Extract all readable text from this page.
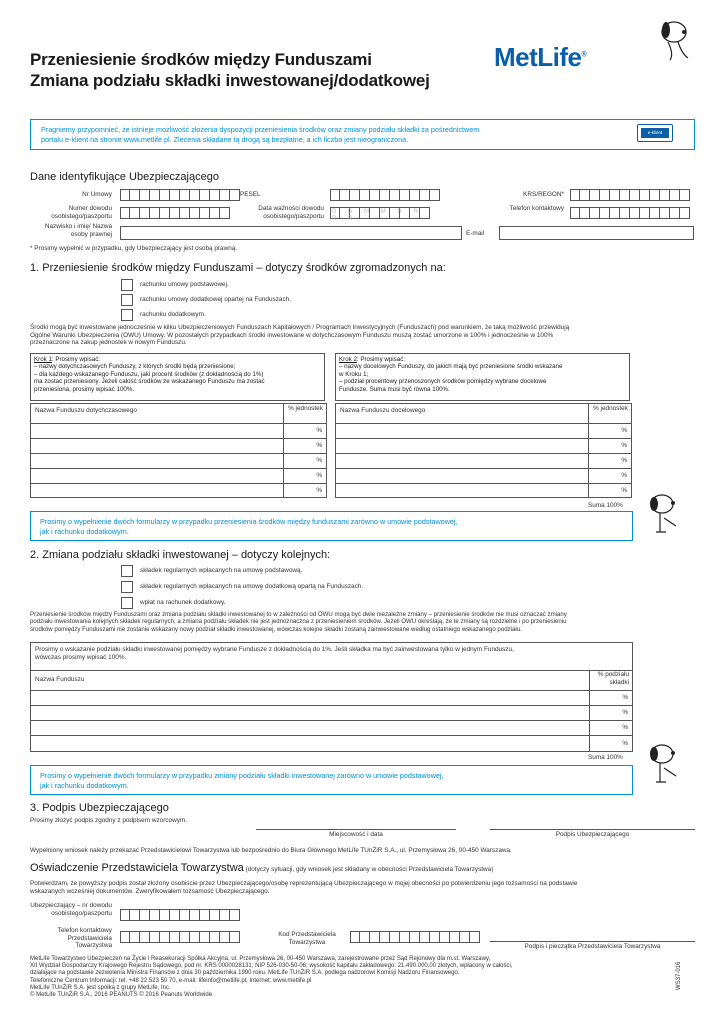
Przeniesienie środków między Funduszami
Zmiana podziału składki inwestowanej/dodatkowej
MetLife®
Pragniemy przypomnieć, że istnieje możliwość złożenia dyspozycji przeniesienia środków oraz zmiany podziału składki za pośrednictwem
portalu e-klient na stronie www.metlife.pl. Zlecenia składane tą drogą są bezpłatne, a ich liczba jest nieograniczona.
e-klient
Dane identyfikujące Ubezpieczającego
Nr Umowy	PESEL	KRS/REGON*
Numer dowodu osobistego/paszportu
Data ważności dowodu osobistego/paszportu
D D M M R R R R
Telefon kontaktowy
Nazwisko i imię/ Nazwa osoby prawnej	E-mail
* Prosimy wypełnić w przypadku, gdy Ubezpieczający jest osobą prawną.
1. Przeniesienie środków między Funduszami – dotyczy środków zgromadzonych na:
rachunku umowy podstawowej.
rachunku umowy dodatkowej opartej na Funduszach.
rachunku dodatkowym.
Środki mogą być inwestowane jednocześnie w kilku Ubezpieczeniowych Funduszach Kapitałowych / Programach Inwestycyjnych (Funduszach) pod warunkiem, że taką możliwość przewidują
Ogólne Warunki Ubezpieczenia (OWU) Umowy. W pozostałych przypadkach środki inwestowane w dotychczasowym Funduszu muszą zostać umorzone w 100% i jednocześnie w 100%
przeznaczone na zakup jednostek w nowym Funduszu.
Krok 1: Prosimy wpisać:
– nazwy dotychczasowych Funduszy, z których środki będą przeniesione;
– dla każdego wskazanego Funduszu, jaki procent środków (z dokładnością do 1%)
ma zostać przeniesiony. Jeżeli całość środków ze wskazanego Funduszu ma zostać
przeniesiona, prosimy wpisać 100%.
Krok 2: Prosimy wpisać:
– nazwy docelowych Funduszy, do jakich mają być przeniesione środki wskazane
w Kroku 1;
– podział procentowy przenoszonych środków pomiędzy wybrane docelowe
Fundusze. Suma musi być równa 100%.
Nazwa Funduszu dotychczasowego	% jednostek
%
%
%
%
%
Nazwa Funduszu docelowego	% jednostek
%
%
%
%
%
Suma 100%
Prosimy o wypełnienie dwóch formularzy w przypadku przeniesienia środków między funduszami zarówno w umowie podstawowej,
jak i rachunku dodatkowym.
2. Zmiana podziału składki inwestowanej – dotyczy kolejnych:
składek regularnych wpłacanych na umowę podstawową.
składek regularnych wpłacanych na umowę dodatkową opartą na Funduszach.
wpłat na rachunek dodatkowy.
Przeniesienie środków między Funduszami oraz zmiana podziału składki inwestowanej to w zależności od OWU mogą być dwie niezależne zmiany – przeniesienie środków nie musi oznaczać zmiany
podziału inwestowania kolejnych składek regularnych, a zmiana podziału składek nie jest jednoznaczna z przeniesieniem środków. Jeżeli OWU określają, że te zmiany są rozdzielne i po przeniesieniu
środków pomiędzy Funduszami nie zostanie wskazany nowy podział składki inwestowanej, wówczas kolejne składki zostaną zainwestowane według ostatniego wskazanego podziału.
Prosimy o wskazanie podziału składki inwestowanej pomiędzy wybrane Fundusze z dokładnością do 1%. Jeśli składka ma być zainwestowana tylko w jednym Funduszu,
wówczas prosimy wpisać 100%.
Nazwa Funduszu
% podziału składki
%
%
%
%
Suma 100%
Prosimy o wypełnienie dwóch formularzy w przypadku zmiany podziału składki inwestowanej zarówno w umowie podstawowej,
jak i rachunku dodatkowym.
3. Podpis Ubezpieczającego
Prosimy złożyć podpis zgodny z podpisem wzorcowym.
Miejscowość i data	Podpis Ubezpieczającego
Wypełniony wniosek należy przekazać Przedstawicielowi Towarzystwa lub bezpośrednio do Biura Głównego MetLife TUnŻiR S.A., ul. Przemysłowa 26, 00-450 Warszawa.
Oświadczenie Przedstawiciela Towarzystwa (dotyczy sytuacji, gdy wniosek jest składany w obecności Przedstawiciela Towarzystwa)
Potwierdzam, że powyższy podpis został złożony osobiście przez Ubezpieczającego/osobę reprezentującą Ubezpieczającego w mojej obecności po potwierdzeniu jego tożsamości na podstawie
wskazanych wcześniej dokumentów. Zweryfikowałem tożsamość Ubezpieczającego.
Ubezpieczający – nr dowodu osobistego/paszportu
Telefon kontaktowy Przedstawiciela Towarzystwa
Kod Przedstawiciela Towarzystwa
Podpis i pieczątka Przedstawiciela Towarzystwa
MetLife Towarzystwo Ubezpieczeń na Życie i Reasekuracji Spółka Akcyjna, ul. Przemysłowa 26, 00-450 Warszawa, zarejestrowane przez Sąd Rejonowy dla m.st. Warszawy,
XII Wydział Gospodarczy Krajowego Rejestru Sądowego, pod nr. KRS 0000028131; NIP 526-030-50-06; wysokość kapitału zakładowego: 21.490.000,00 złotych, wpłacony w całości,
działające na podstawie zezwolenia Ministra Finansów z dnia 30 października 1990 roku. MetLife TUnŻiR S.A. podlega nadzorowi Komisji Nadzoru Finansowego.
Telefoniczne Centrum Informacji: tel. +48 22 523 50 70, e-mail: lifeinfo@metlife.pl, Internet: www.metlife.pl
MetLife TUnŻiR S.A. jest spółką z grupy MetLife, Inc.
© MetLife TUnŻiR S.A., 2016 PEANUTS © 2016 Peanuts Worldwide
WS37-016
